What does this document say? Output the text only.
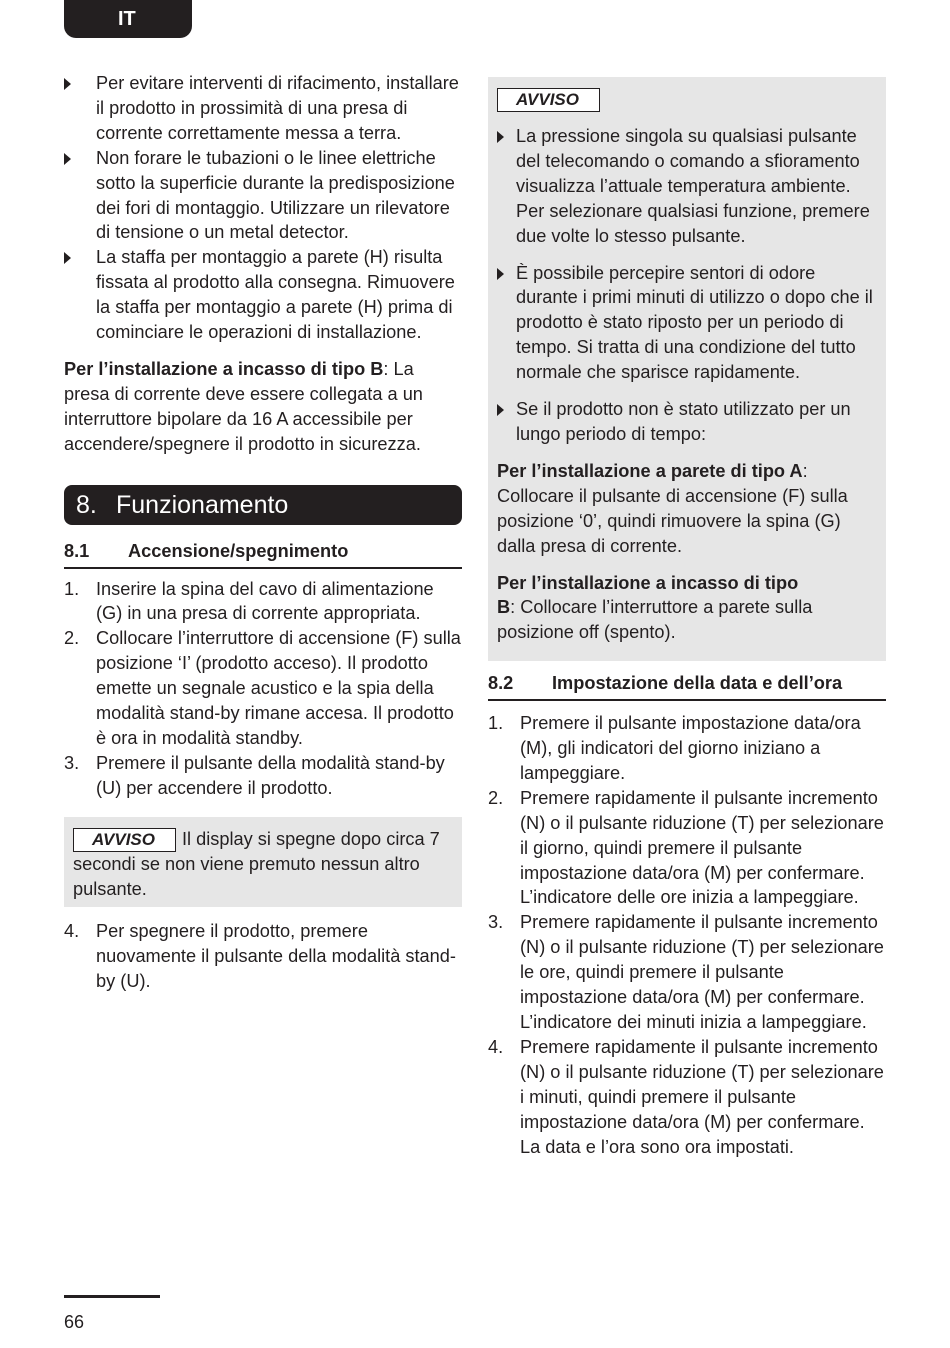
IT
Per evitare interventi di rifacimento, installare il prodotto in prossimità di una presa di corrente correttamente messa a terra.
Non forare le tubazioni o le linee elettriche sotto la superficie durante la predisposizione dei fori di montaggio. Utilizzare un rilevatore di tensione o un metal detector.
La staffa per montaggio a parete (H) risulta fissata al prodotto alla consegna. Rimuovere la staffa per montaggio a parete (H) prima di cominciare le operazioni di installazione.

Per l’installazione a incasso di tipo B: La presa di corrente deve essere collegata a un interruttore bipolare da 16 A accessibile per accendere/spegnere il prodotto in sicurezza.

8. Funzionamento
8.1 Accensione/spegnimento
1. Inserire la spina del cavo di alimentazione (G) in una presa di corrente appropriata.
2. Collocare l’interruttore di accensione (F) sulla posizione ‘I’ (prodotto acceso). Il prodotto emette un segnale acustico e la spia della modalità stand-by rimane accesa. Il prodotto è ora in modalità standby.
3. Premere il pulsante della modalità stand-by (U) per accendere il prodotto.
AVVISO Il display si spegne dopo circa 7 secondi se non viene premuto nessun altro pulsante.
4. Per spegnere il prodotto, premere nuovamente il pulsante della modalità stand-by (U).
AVVISO
La pressione singola su qualsiasi pulsante del telecomando o comando a sfioramento visualizza l’attuale temperatura ambiente. Per selezionare qualsiasi funzione, premere due volte lo stesso pulsante.
È possibile percepire sentori di odore durante i primi minuti di utilizzo o dopo che il prodotto è stato riposto per un periodo di tempo. Si tratta di una condizione del tutto normale che sparisce rapidamente.
Se il prodotto non è stato utilizzato per un lungo periodo di tempo:

Per l’installazione a parete di tipo A: Collocare il pulsante di accensione (F) sulla posizione ‘0’, quindi rimuovere la spina (G) dalla presa di corrente.

Per l’installazione a incasso di tipo
B: Collocare l’interruttore a parete sulla posizione off (spento).

8.2 Impostazione della data e dell’ora
1. Premere il pulsante impostazione data/ora (M), gli indicatori del giorno iniziano a lampeggiare.
2. Premere rapidamente il pulsante incremento (N) o il pulsante riduzione (T) per selezionare il giorno, quindi premere il pulsante impostazione data/ora (M) per confermare. L’indicatore delle ore inizia a lampeggiare.
3. Premere rapidamente il pulsante incremento (N) o il pulsante riduzione (T) per selezionare le ore, quindi premere il pulsante impostazione data/ora (M) per confermare. L’indicatore dei minuti inizia a lampeggiare.
4. Premere rapidamente il pulsante incremento (N) o il pulsante riduzione (T) per selezionare i minuti, quindi premere il pulsante impostazione data/ora (M) per confermare. La data e l’ora sono ora impostati.
66
